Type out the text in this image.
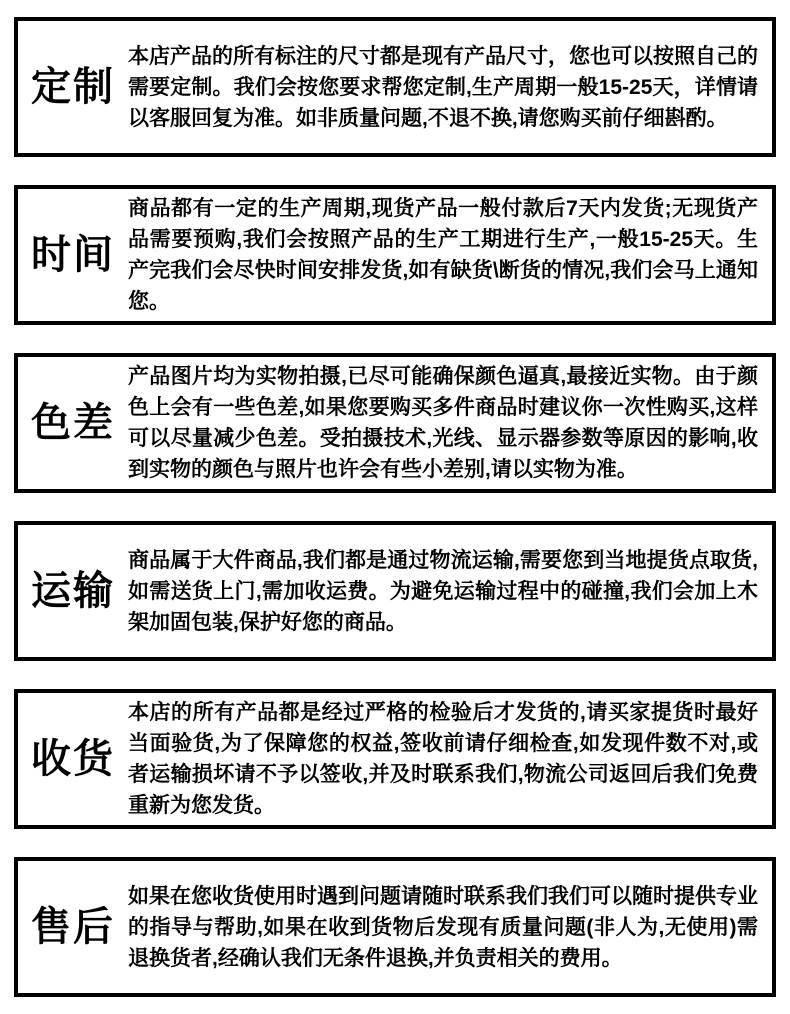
定制
本店产品的所有标注的尺寸都是现有产品尺寸，您也可以按照自己的需要定制。我们会按您要求帮您定制,生产周期一般15-25天，详情请以客服回复为准。如非质量问题,不退不换,请您购买前仔细斟酌。
时间
商品都有一定的生产周期,现货产品一般付款后7天内发货;无现货产品需要预购,我们会按照产品的生产工期进行生产,一般15-25天。生产完我们会尽快时间安排发货,如有缺货\断货的情况,我们会马上通知您。
色差
产品图片均为实物拍摄,已尽可能确保颜色逼真,最接近实物。由于颜色上会有一些色差,如果您要购买多件商品时建议你一次性购买,这样可以尽量减少色差。受拍摄技术,光线、显示器参数等原因的影响,收到实物的颜色与照片也许会有些小差别,请以实物为准。
运输
商品属于大件商品,我们都是通过物流运输,需要您到当地提货点取货,如需送货上门,需加收运费。为避免运输过程中的碰撞,我们会加上木架加固包装,保护好您的商品。
收货
本店的所有产品都是经过严格的检验后才发货的,请买家提货时最好当面验货,为了保障您的权益,签收前请仔细检查,如发现件数不对,或者运输损坏请不予以签收,并及时联系我们,物流公司返回后我们免费重新为您发货。
售后
如果在您收货使用时遇到问题请随时联系我们我们可以随时提供专业的指导与帮助,如果在收到货物后发现有质量问题(非人为,无使用)需退换货者,经确认我们无条件退换,并负责相关的费用。
